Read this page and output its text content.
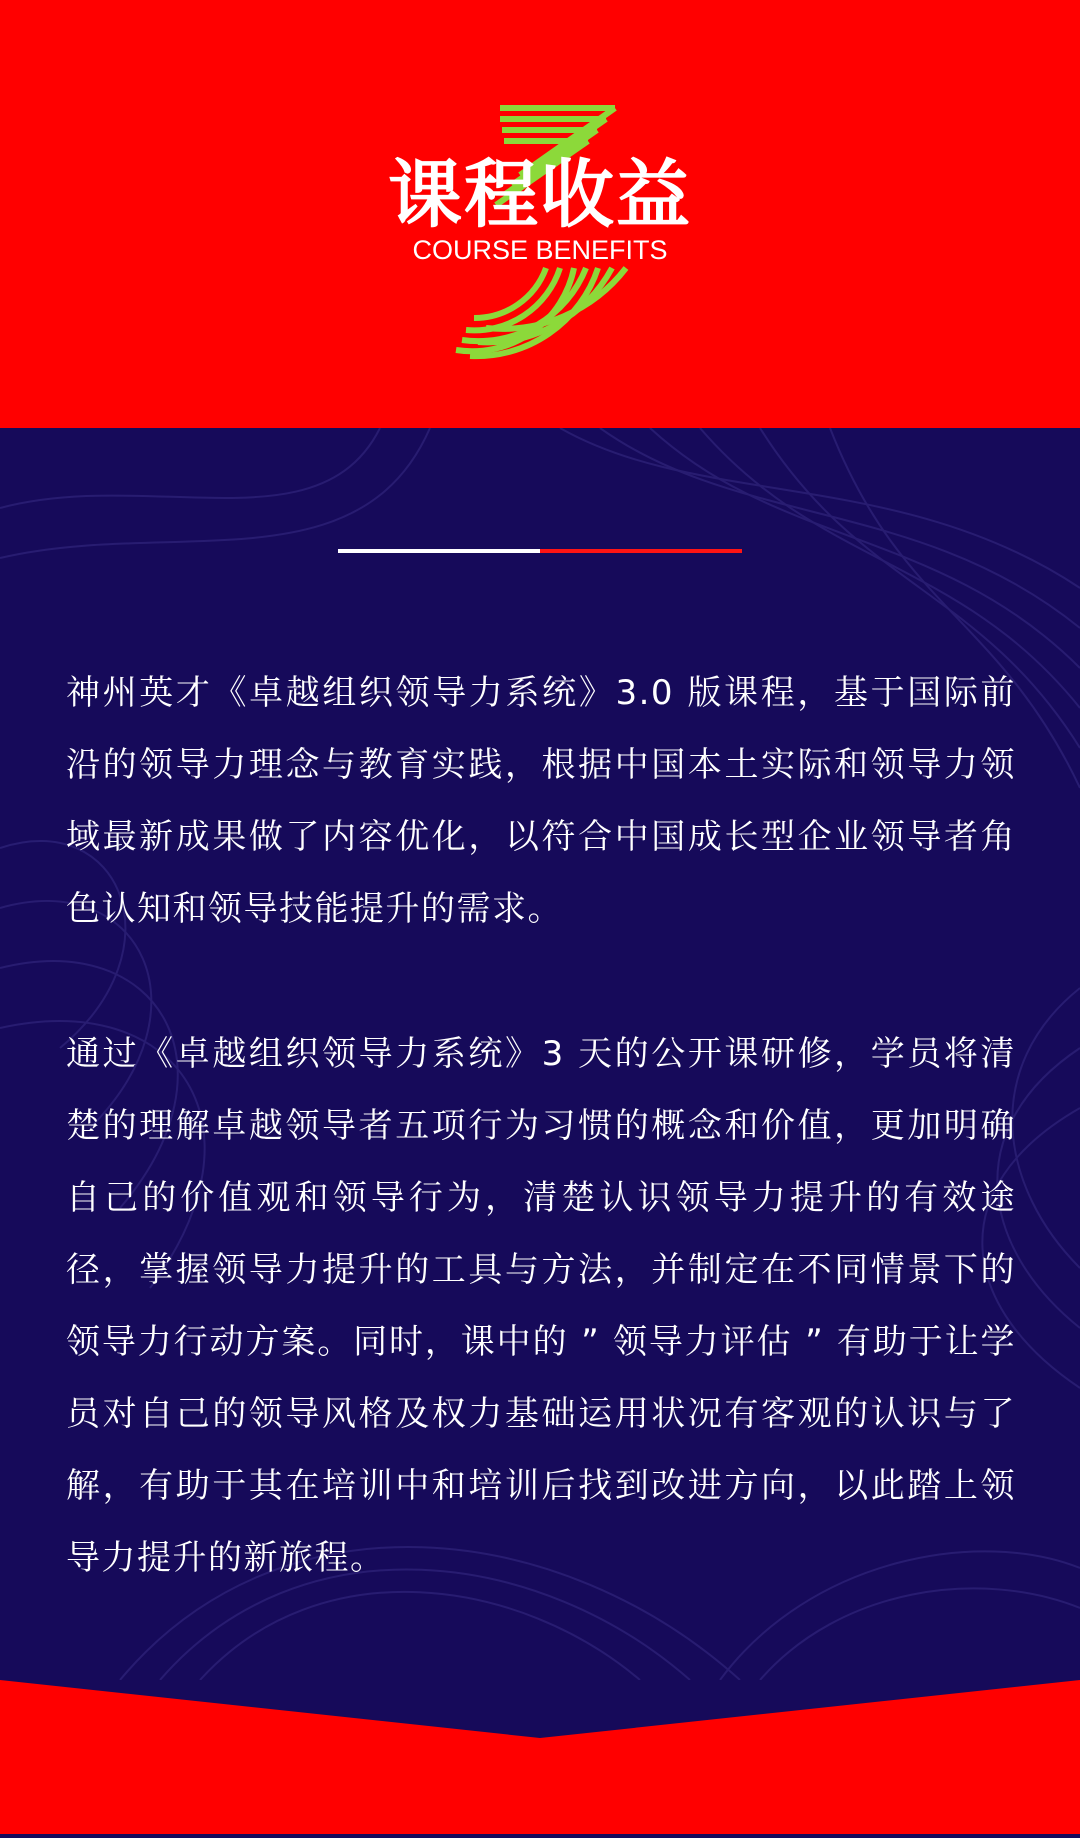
课程收益
COURSE BENEFITS
神州英才《卓越组织领导力系统》3.0 版课程，基于国际前沿的领导力理念与教育实践，根据中国本土实际和领导力领域最新成果做了内容优化，以符合中国成长型企业领导者角色认知和领导技能提升的需求。
通过《卓越组织领导力系统》3 天的公开课研修，学员将清楚的理解卓越领导者五项行为习惯的概念和价值，更加明确自己的价值观和领导行为，清楚认识领导力提升的有效途径，掌握领导力提升的工具与方法，并制定在不同情景下的领导力行动方案。同时，课中的 ” 领导力评估 ” 有助于让学员对自己的领导风格及权力基础运用状况有客观的认识与了解，有助于其在培训中和培训后找到改进方向，以此踏上领导力提升的新旅程。
